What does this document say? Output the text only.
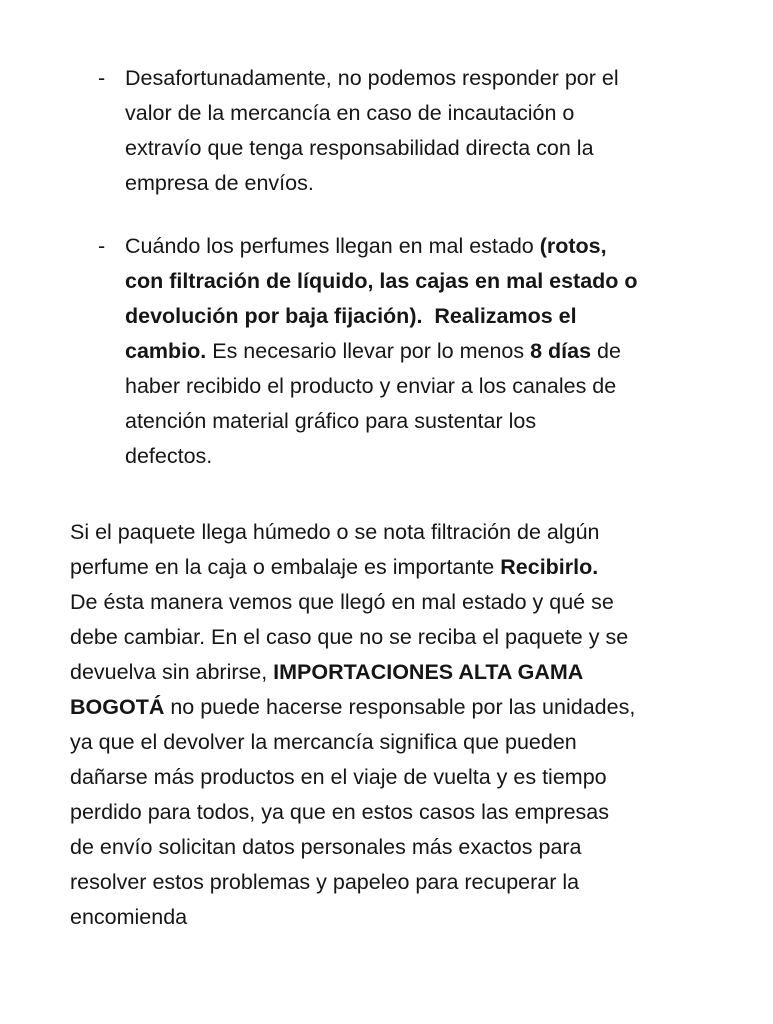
- Desafortunadamente, no podemos responder por el
valor de la mercancía en caso de incautación o
extravío que tenga responsabilidad directa con la
empresa de envíos.
- Cuándo los perfumes llegan en mal estado (rotos,
con filtración de líquido, las cajas en mal estado o
devolución por baja fijación).  Realizamos el
cambio. Es necesario llevar por lo menos 8 días de
haber recibido el producto y enviar a los canales de
atención material gráfico para sustentar los
defectos.
Si el paquete llega húmedo o se nota filtración de algún
perfume en la caja o embalaje es importante Recibirlo.
De ésta manera vemos que llegó en mal estado y qué se
debe cambiar. En el caso que no se reciba el paquete y se
devuelva sin abrirse, IMPORTACIONES ALTA GAMA
BOGOTÁ no puede hacerse responsable por las unidades,
ya que el devolver la mercancía significa que pueden
dañarse más productos en el viaje de vuelta y es tiempo
perdido para todos, ya que en estos casos las empresas
de envío solicitan datos personales más exactos para
resolver estos problemas y papeleo para recuperar la
encomienda
